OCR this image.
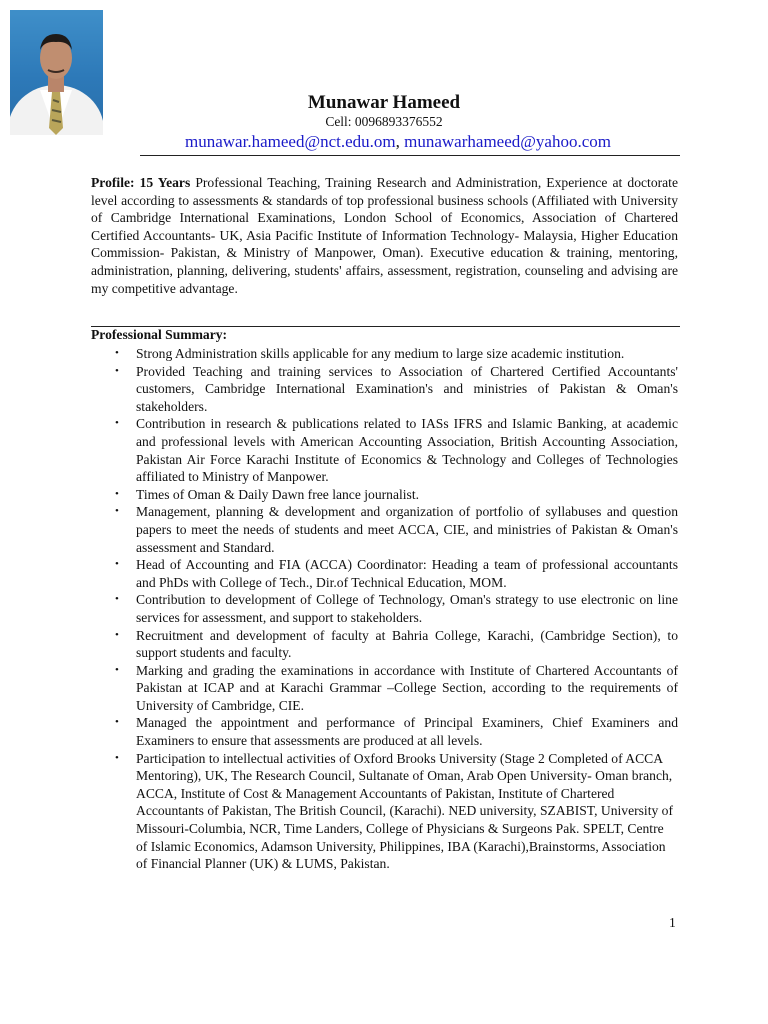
Munawar Hameed
Cell: 0096893376552
munawar.hameed@nct.edu.om, munawarhameed@yahoo.com
Profile: 15 Years Professional Teaching, Training Research and Administration, Experience at doctorate level according to assessments & standards of top professional business schools (Affiliated with University of Cambridge International Examinations, London School of Economics, Association of Chartered Certified Accountants- UK, Asia Pacific Institute of Information Technology- Malaysia, Higher Education Commission- Pakistan, & Ministry of Manpower, Oman). Executive education & training, mentoring, administration, planning, delivering, students' affairs, assessment, registration, counseling and advising are my competitive advantage.
Professional Summary:
• Strong Administration skills applicable for any medium to large size academic institution.
• Provided Teaching and training services to Association of Chartered Certified Accountants' customers, Cambridge International Examination's and ministries of Pakistan & Oman's stakeholders.
• Contribution in research & publications related to IASs IFRS and Islamic Banking, at academic and professional levels with American Accounting Association, British Accounting Association, Pakistan Air Force Karachi Institute of Economics & Technology and Colleges of Technologies affiliated to Ministry of Manpower.
• Times of Oman & Daily Dawn free lance journalist.
• Management, planning & development and organization of portfolio of syllabuses and question papers to meet the needs of students and meet ACCA, CIE, and ministries of Pakistan & Oman's assessment and Standard.
• Head of Accounting and FIA (ACCA) Coordinator: Heading a team of professional accountants and PhDs with College of Tech., Dir.of Technical Education, MOM.
• Contribution to development of College of Technology, Oman's strategy to use electronic on line services for assessment, and support to stakeholders.
• Recruitment and development of faculty at Bahria College, Karachi, (Cambridge Section), to support students and faculty.
• Marking and grading the examinations in accordance with Institute of Chartered Accountants of Pakistan at ICAP and at Karachi Grammar –College Section, according to the requirements of University of Cambridge, CIE.
• Managed the appointment and performance of Principal Examiners, Chief Examiners and Examiners to ensure that assessments are produced at all levels.
• Participation to intellectual activities of Oxford Brooks University (Stage 2 Completed of ACCA Mentoring), UK, The Research Council, Sultanate of Oman, Arab Open University- Oman branch, ACCA, Institute of Cost & Management Accountants of Pakistan, Institute of Chartered Accountants of Pakistan, The British Council, (Karachi). NED university, SZABIST, University of Missouri-Columbia, NCR, Time Landers, College of Physicians & Surgeons Pak. SPELT, Centre of Islamic Economics, Adamson University, Philippines, IBA (Karachi),Brainstorms, Association of Financial Planner (UK) & LUMS, Pakistan.
1
